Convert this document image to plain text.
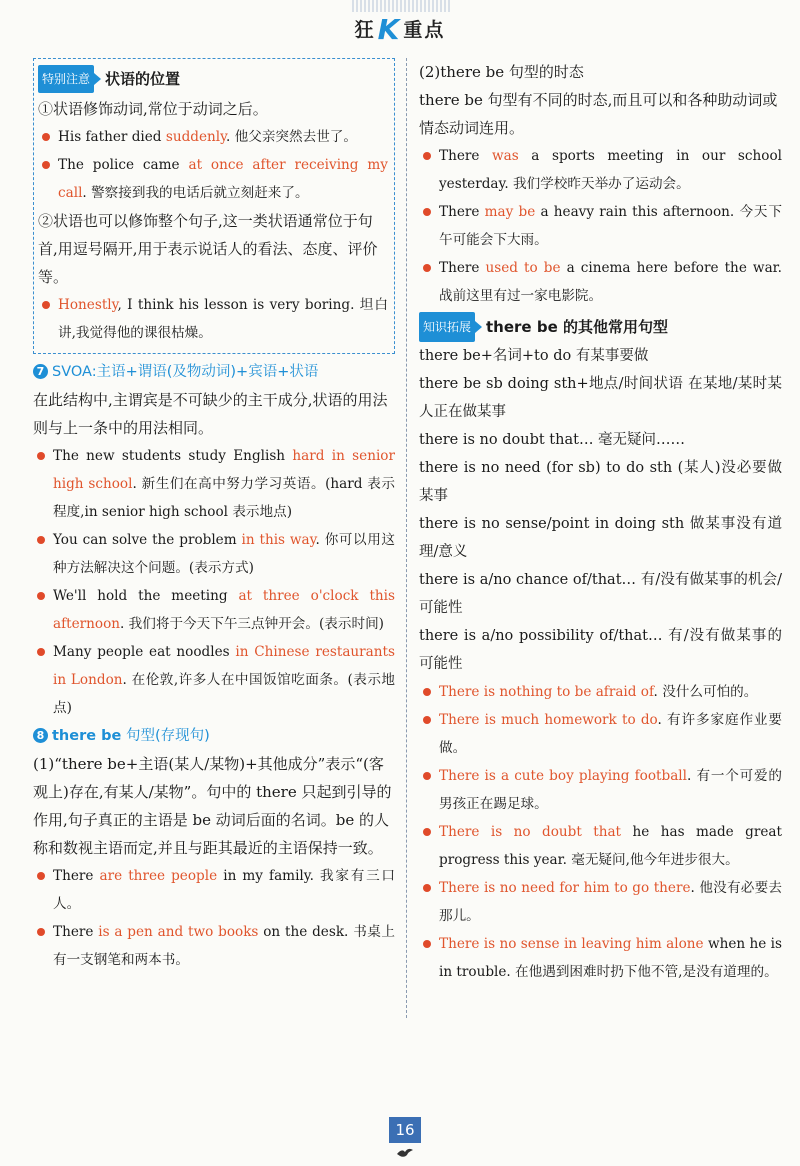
狂K 重点

特别注意 状语的位置

①状语修饰动词,常位于动词之后。

His father died suddenly. 他父亲突然去世了。

The police came at once after receiving my call. 警察接到我的电话后就立刻赶来了。

②状语也可以修饰整个句子,这一类状语通常位于句首,用逗号隔开,用于表示说话人的看法、态度、评价等。

Honestly, I think his lesson is very boring. 坦白讲,我觉得他的课很枯燥。

7 SVOA:主语+谓语(及物动词)+宾语+状语

在此结构中,主谓宾是不可缺少的主干成分,状语的用法则与上一条中的用法相同。

The new students study English hard in senior high school. 新生们在高中努力学习英语。(hard 表示程度,in senior high school 表示地点)

You can solve the problem in this way. 你可以用这种方法解决这个问题。(表示方式)

We'll hold the meeting at three o'clock this afternoon. 我们将于今天下午三点钟开会。(表示时间)

Many people eat noodles in Chinese restaurants in London. 在伦敦,许多人在中国饭馆吃面条。(表示地点)

8 there be 句型(存现句)

(1)“there be+主语(某人/某物)+其他成分”表示“(客观上)存在,有某人/某物”。句中的 there 只起到引导的作用,句子真正的主语是 be 动词后面的名词。be 的人称和数视主语而定,并且与距其最近的主语保持一致。

There are three people in my family. 我家有三口人。

There is a pen and two books on the desk. 书桌上有一支钢笔和两本书。

(2)there be 句型的时态

there be 句型有不同的时态,而且可以和各种助动词或情态动词连用。

There was a sports meeting in our school yesterday. 我们学校昨天举办了运动会。

There may be a heavy rain this afternoon. 今天下午可能会下大雨。

There used to be a cinema here before the war. 战前这里有过一家电影院。

知识拓展 there be 的其他常用句型

there be+名词+to do 有某事要做

there be sb doing sth+地点/时间状语 在某地/某时某人正在做某事

there is no doubt that… 毫无疑问……

there is no need (for sb) to do sth (某人)没必要做某事

there is no sense/point in doing sth 做某事没有道理/意义

there is a/no chance of/that… 有/没有做某事的机会/可能性

there is a/no possibility of/that… 有/没有做某事的可能性

There is nothing to be afraid of. 没什么可怕的。

There is much homework to do. 有许多家庭作业要做。

There is a cute boy playing football. 有一个可爱的男孩正在踢足球。

There is no doubt that he has made great progress this year. 毫无疑问,他今年进步很大。

There is no need for him to go there. 他没有必要去那儿。

There is no sense in leaving him alone when he is in trouble. 在他遇到困难时扔下他不管,是没有道理的。

16
